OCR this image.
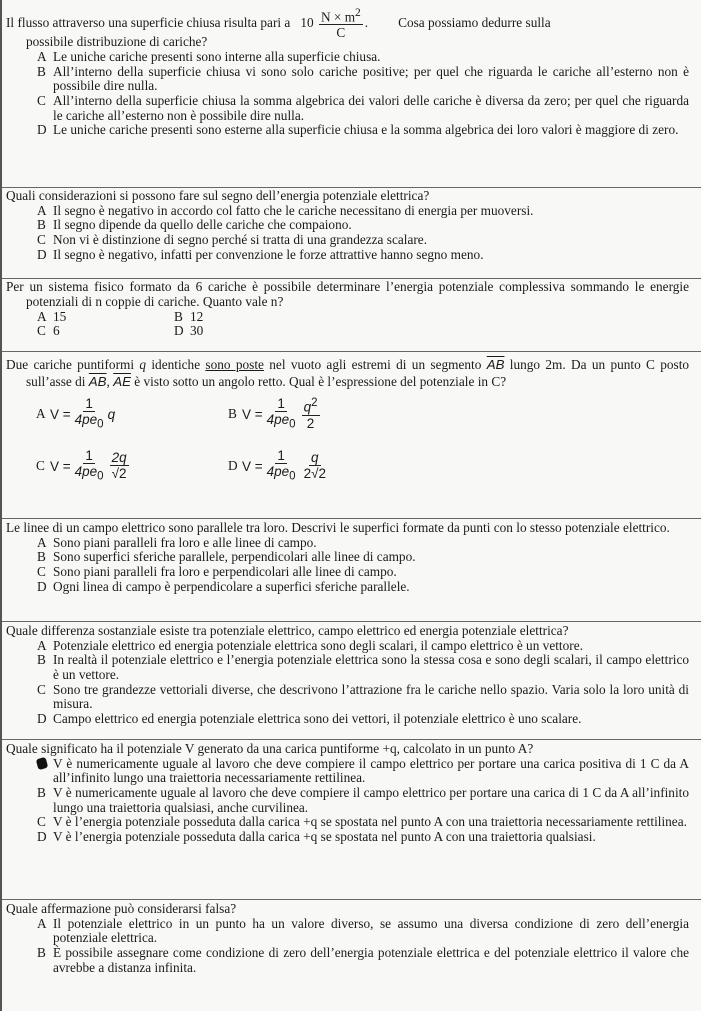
Il flusso attraverso una superficie chiusa risulta pari a $10 \frac{N \times m^2}{C}$ . Cosa possiamo dedurre sulla

possibile distribuzione di cariche?

A Le uniche cariche presenti sono interne alla superficie chiusa.

B All’interno della superficie chiusa vi sono solo cariche positive; per quel che riguarda le cariche all’esterno non è possibile dire nulla.

C All’interno della superficie chiusa la somma algebrica dei valori delle cariche è diversa da zero; per quel che riguarda le cariche all’esterno non è possibile dire nulla.

D Le uniche cariche presenti sono esterne alla superficie chiusa e la somma algebrica dei loro valori è maggiore di zero.

Quali considerazioni si possono fare sul segno dell’energia potenziale elettrica?

A Il segno è negativo in accordo col fatto che le cariche necessitano di energia per muoversi.

B Il segno dipende da quello delle cariche che compaiono.

C Non vi è distinzione di segno perché si tratta di una grandezza scalare.

D Il segno è negativo, infatti per convenzione le forze attrattive hanno segno meno.

Per un sistema fisico formato da 6 cariche è possibile determinare l’energia potenziale complessiva sommando le energie potenziali di n coppie di cariche. Quanto vale n?

A 15	B 12
C 6	D 30

Due cariche puntiformi q identiche sono poste nel vuoto agli estremi di un segmento $\overline{AB}$ lungo 2m. Da un punto C posto sull’asse di $\overline{AB}$, $\overline{AE}$ è visto sotto un angolo retto. Qual è l’espressione del potenziale in C?

A $V = \frac{1}{4pe_0}$ q	B $V = \frac{1}{4pe_0} \frac{q^2}{2}$
C $V = \frac{1}{4pe_0} \frac{2q}{√2}$	D $V = \frac{1}{4pe_0} \frac{q}{2√2}$

Le linee di un campo elettrico sono parallele tra loro. Descrivi le superfici formate da punti con lo stesso potenziale elettrico.

A Sono piani paralleli fra loro e alle linee di campo.

B Sono superfici sferiche parallele, perpendicolari alle linee di campo.

C Sono piani paralleli fra loro e perpendicolari alle linee di campo.

D Ogni linea di campo è perpendicolare a superfici sferiche parallele.

Quale differenza sostanziale esiste tra potenziale elettrico, campo elettrico ed energia potenziale elettrica?

A Potenziale elettrico ed energia potenziale elettrica sono degli scalari, il campo elettrico è un vettore.

B In realtà il potenziale elettrico e l’energia potenziale elettrica sono la stessa cosa e sono degli scalari, il campo elettrico è un vettore.

C Sono tre grandezze vettoriali diverse, che descrivono l’attrazione fra le cariche nello spazio. Varia solo la loro unità di misura.

D Campo elettrico ed energia potenziale elettrica sono dei vettori, il potenziale elettrico è uno scalare.

Quale significato ha il potenziale V generato da una carica puntiforme +q, calcolato in un punto A?

V è numericamente uguale al lavoro che deve compiere il campo elettrico per portare una carica positiva di 1 C da A all’infinito lungo una traiettoria necessariamente rettilinea.

B V è numericamente uguale al lavoro che deve compiere il campo elettrico per portare una carica di 1 C da A all’infinito lungo una traiettoria qualsiasi, anche curvilinea.

C V è l’energia potenziale posseduta dalla carica +q se spostata nel punto A con una traiettoria necessariamente rettilinea.

D V è l’energia potenziale posseduta dalla carica +q se spostata nel punto A con una traiettoria qualsiasi.

Quale affermazione può considerarsi falsa?

A Il potenziale elettrico in un punto ha un valore diverso, se assumo una diversa condizione di zero dell’energia potenziale elettrica.

B È possibile assegnare come condizione di zero dell’energia potenziale elettrica e del potenziale elettrico il valore che avrebbe a distanza infinita.
